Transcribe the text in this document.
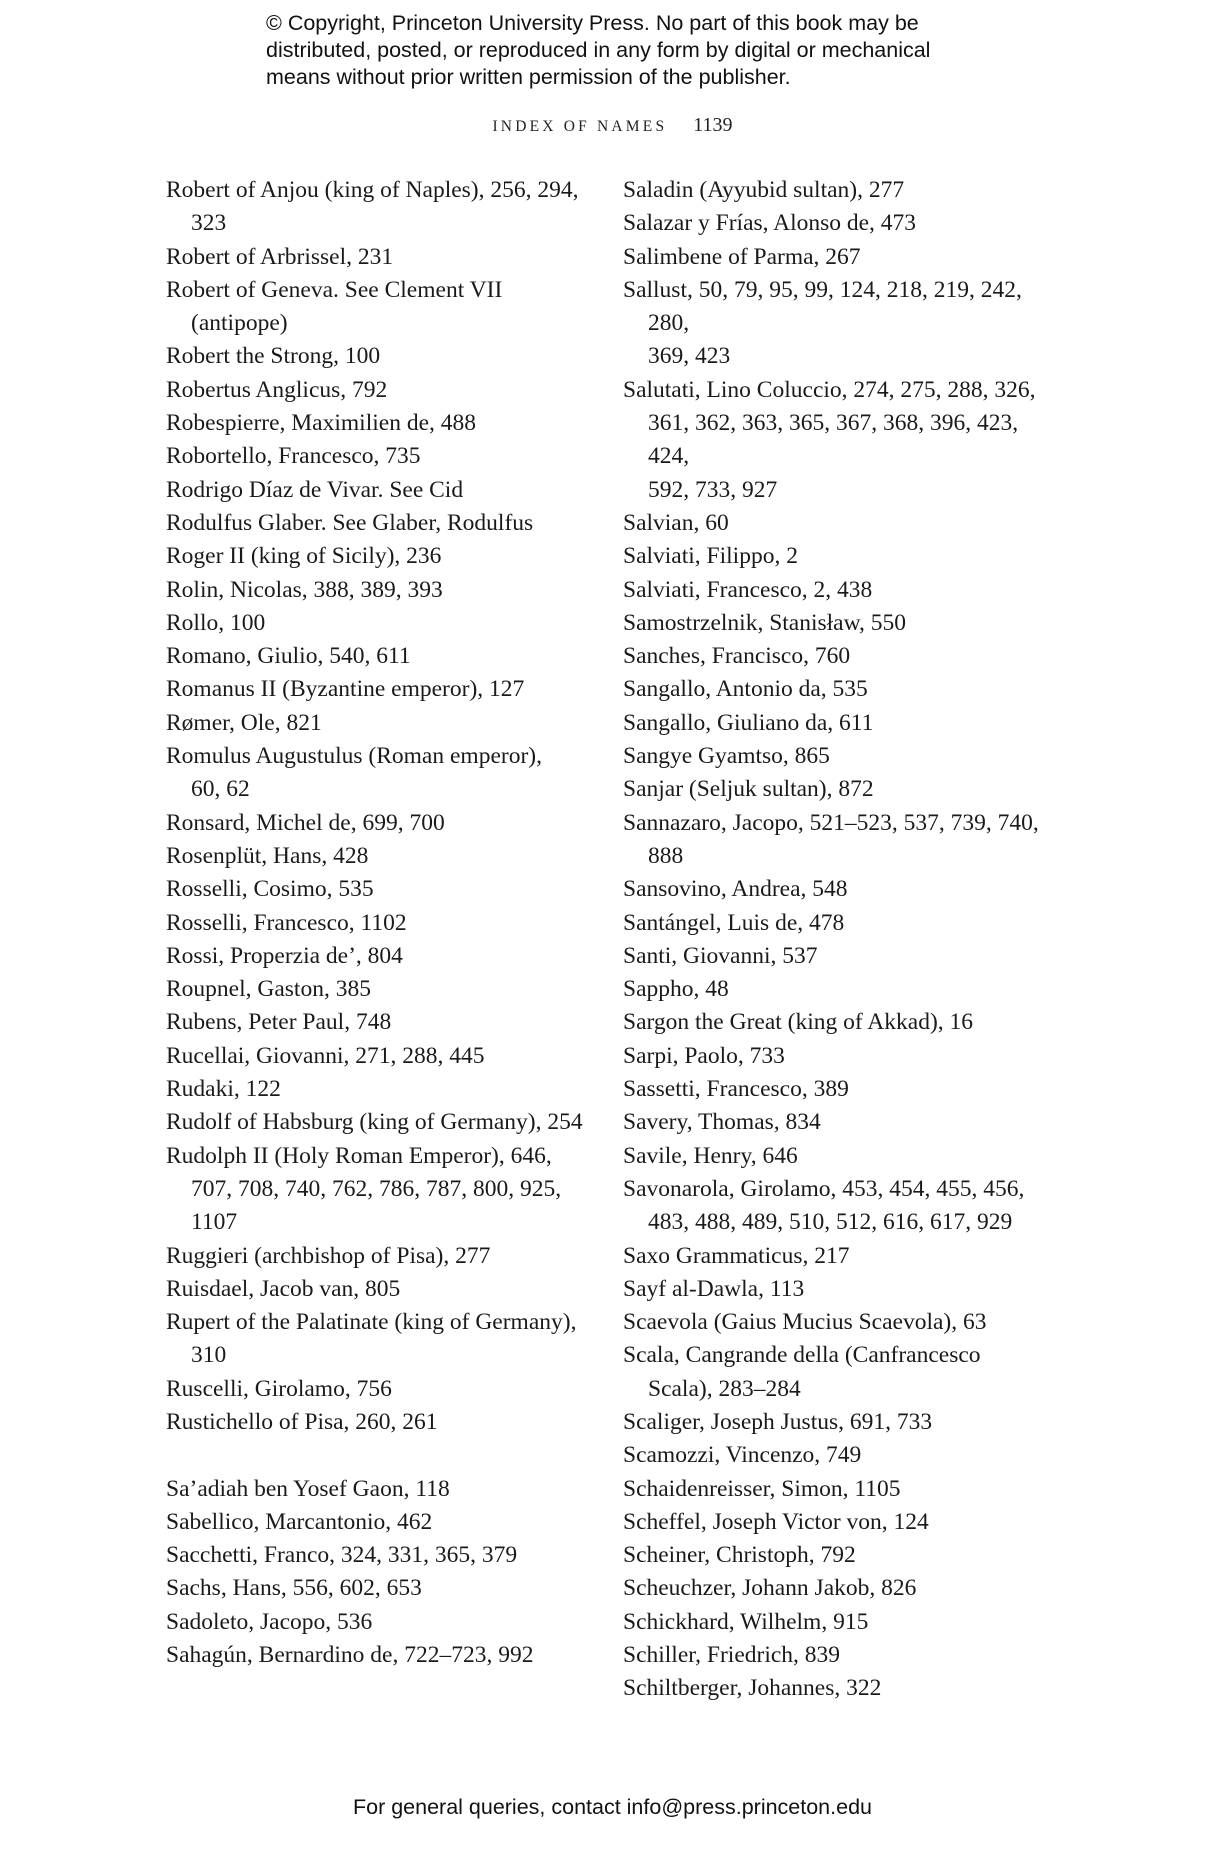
© Copyright, Princeton University Press. No part of this book may be
distributed, posted, or reproduced in any form by digital or mechanical
means without prior written permission of the publisher.
INDEX OF NAMES 1139
Robert of Anjou (king of Naples), 256, 294,
323
Robert of Arbrissel, 231
Robert of Geneva. See Clement VII
(antipope)
Robert the Strong, 100
Robertus Anglicus, 792
Robespierre, Maximilien de, 488
Robortello, Francesco, 735
Rodrigo Díaz de Vivar. See Cid
Rodulfus Glaber. See Glaber, Rodulfus
Roger II (king of Sicily), 236
Rolin, Nicolas, 388, 389, 393
Rollo, 100
Romano, Giulio, 540, 611
Romanus II (Byzantine emperor), 127
Rømer, Ole, 821
Romulus Augustulus (Roman emperor),
60, 62
Ronsard, Michel de, 699, 700
Rosenplüt, Hans, 428
Rosselli, Cosimo, 535
Rosselli, Francesco, 1102
Rossi, Properzia de’, 804
Roupnel, Gaston, 385
Rubens, Peter Paul, 748
Rucellai, Giovanni, 271, 288, 445
Rudaki, 122
Rudolf of Habsburg (king of Germany), 254
Rudolph II (Holy Roman Emperor), 646,
707, 708, 740, 762, 786, 787, 800, 925, 1107
Ruggieri (archbishop of Pisa), 277
Ruisdael, Jacob van, 805
Rupert of the Palatinate (king of Germany),
310
Ruscelli, Girolamo, 756
Rustichello of Pisa, 260, 261
Sa’adiah ben Yosef Gaon, 118
Sabellico, Marcantonio, 462
Sacchetti, Franco, 324, 331, 365, 379
Sachs, Hans, 556, 602, 653
Sadoleto, Jacopo, 536
Sahagún, Bernardino de, 722–723, 992
Saladin (Ayyubid sultan), 277
Salazar y Frías, Alonso de, 473
Salimbene of Parma, 267
Sallust, 50, 79, 95, 99, 124, 218, 219, 242, 280,
369, 423
Salutati, Lino Coluccio, 274, 275, 288, 326,
361, 362, 363, 365, 367, 368, 396, 423, 424,
592, 733, 927
Salvian, 60
Salviati, Filippo, 2
Salviati, Francesco, 2, 438
Samostrzelnik, Stanisław, 550
Sanches, Francisco, 760
Sangallo, Antonio da, 535
Sangallo, Giuliano da, 611
Sangye Gyamtso, 865
Sanjar (Seljuk sultan), 872
Sannazaro, Jacopo, 521–523, 537, 739, 740,
888
Sansovino, Andrea, 548
Santángel, Luis de, 478
Santi, Giovanni, 537
Sappho, 48
Sargon the Great (king of Akkad), 16
Sarpi, Paolo, 733
Sassetti, Francesco, 389
Savery, Thomas, 834
Savile, Henry, 646
Savonarola, Girolamo, 453, 454, 455, 456,
483, 488, 489, 510, 512, 616, 617, 929
Saxo Grammaticus, 217
Sayf al-Dawla, 113
Scaevola (Gaius Mucius Scaevola), 63
Scala, Cangrande della (Canfrancesco
Scala), 283–284
Scaliger, Joseph Justus, 691, 733
Scamozzi, Vincenzo, 749
Schaidenreisser, Simon, 1105
Scheffel, Joseph Victor von, 124
Scheiner, Christoph, 792
Scheuchzer, Johann Jakob, 826
Schickhard, Wilhelm, 915
Schiller, Friedrich, 839
Schiltberger, Johannes, 322
For general queries, contact info@press.princeton.edu
